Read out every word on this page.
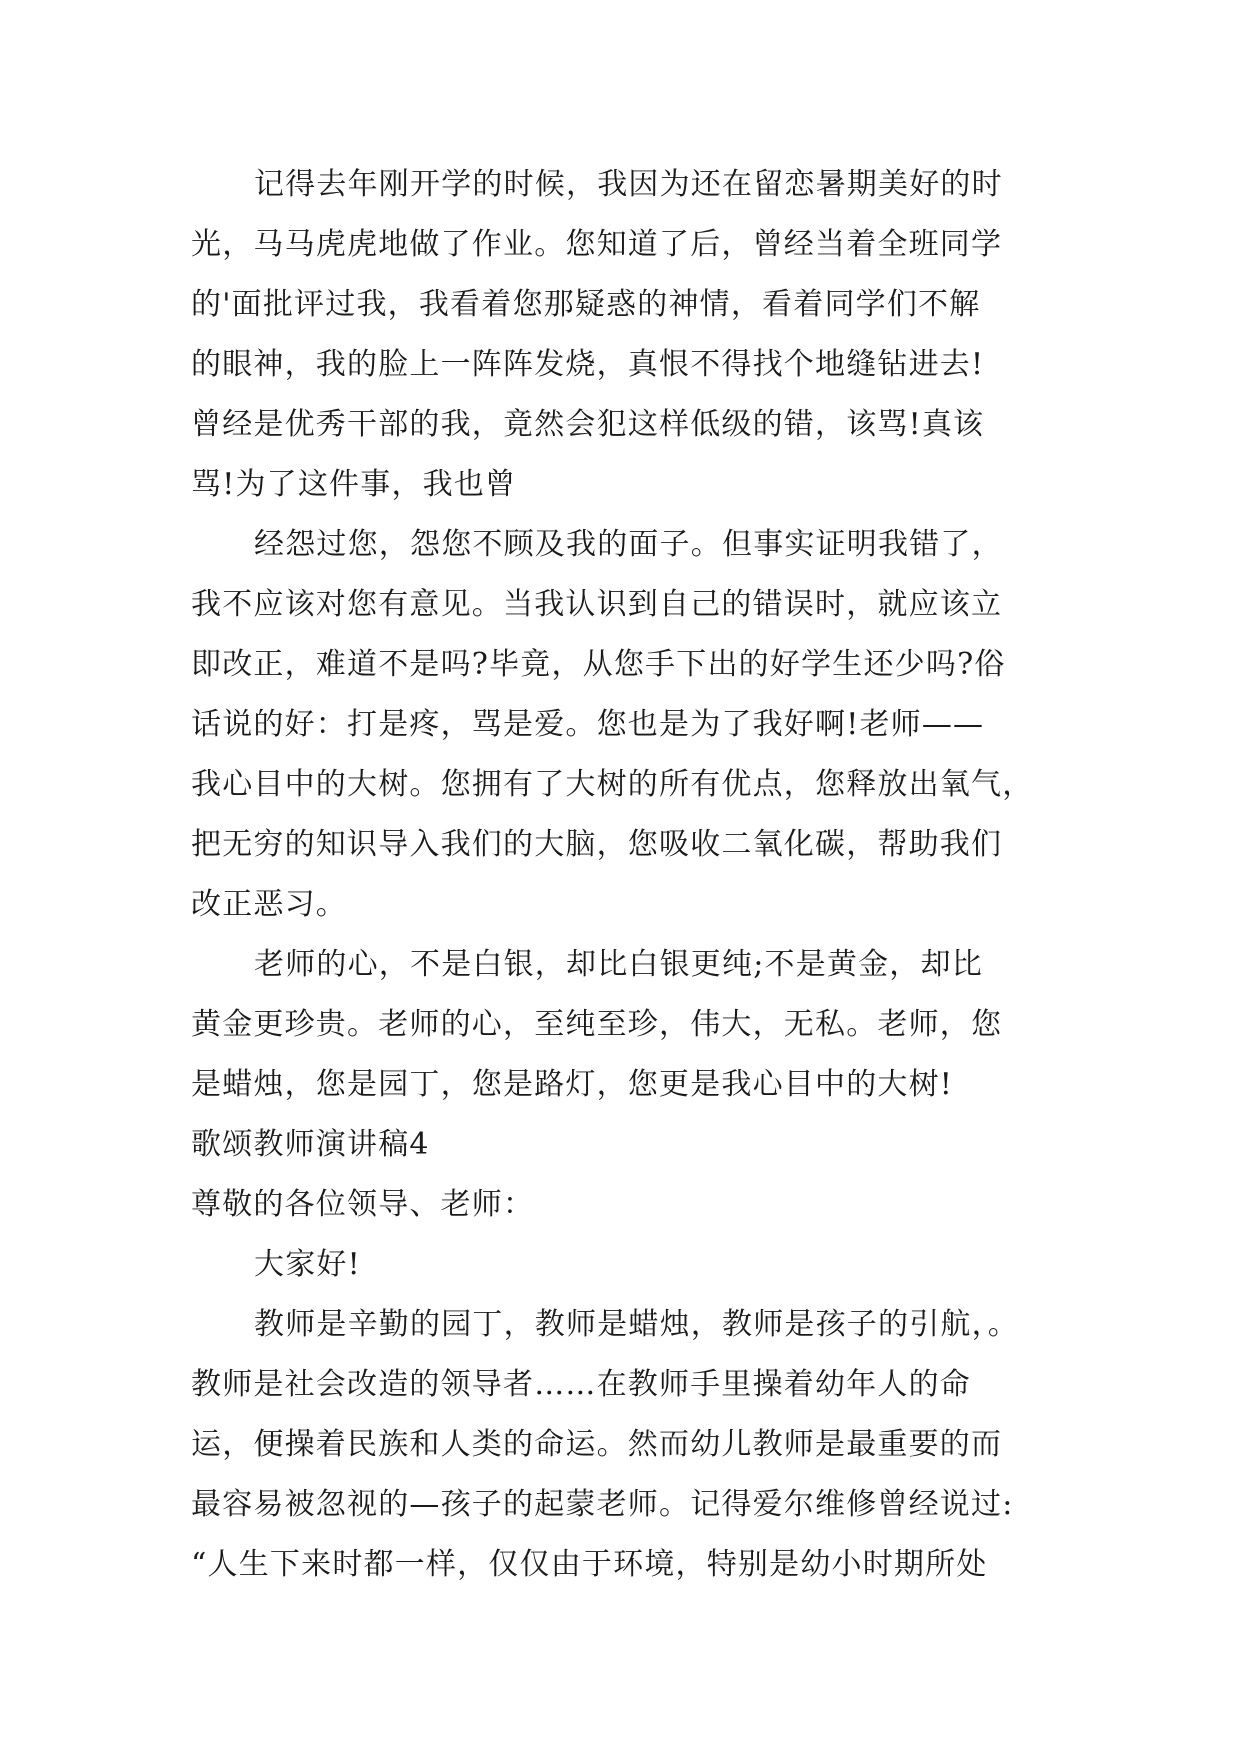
记得去年刚开学的时候，我因为还在留恋暑期美好的时
光，马马虎虎地做了作业。您知道了后，曾经当着全班同学
的'面批评过我，我看着您那疑惑的神情，看着同学们不解
的眼神，我的脸上一阵阵发烧，真恨不得找个地缝钻进去!
曾经是优秀干部的我，竟然会犯这样低级的错，该骂!真该
骂!为了这件事，我也曾
经怨过您，怨您不顾及我的面子。但事实证明我错了，
我不应该对您有意见。当我认识到自己的错误时，就应该立
即改正，难道不是吗?毕竟，从您手下出的好学生还少吗?俗
话说的好：打是疼，骂是爱。您也是为了我好啊!老师——
我心目中的大树。您拥有了大树的所有优点，您释放出氧气，
把无穷的知识导入我们的大脑，您吸收二氧化碳，帮助我们
改正恶习。
老师的心，不是白银，却比白银更纯;不是黄金，却比
黄金更珍贵。老师的心，至纯至珍，伟大，无私。老师，您
是蜡烛，您是园丁，您是路灯，您更是我心目中的大树!
歌颂教师演讲稿4
尊敬的各位领导、老师：
大家好!
教师是辛勤的园丁，教师是蜡烛，教师是孩子的引航，。
教师是社会改造的领导者……在教师手里操着幼年人的命
运，便操着民族和人类的命运。然而幼儿教师是最重要的而
最容易被忽视的—孩子的起蒙老师。记得爱尔维修曾经说过:
“人生下来时都一样，仅仅由于环境，特别是幼小时期所处
